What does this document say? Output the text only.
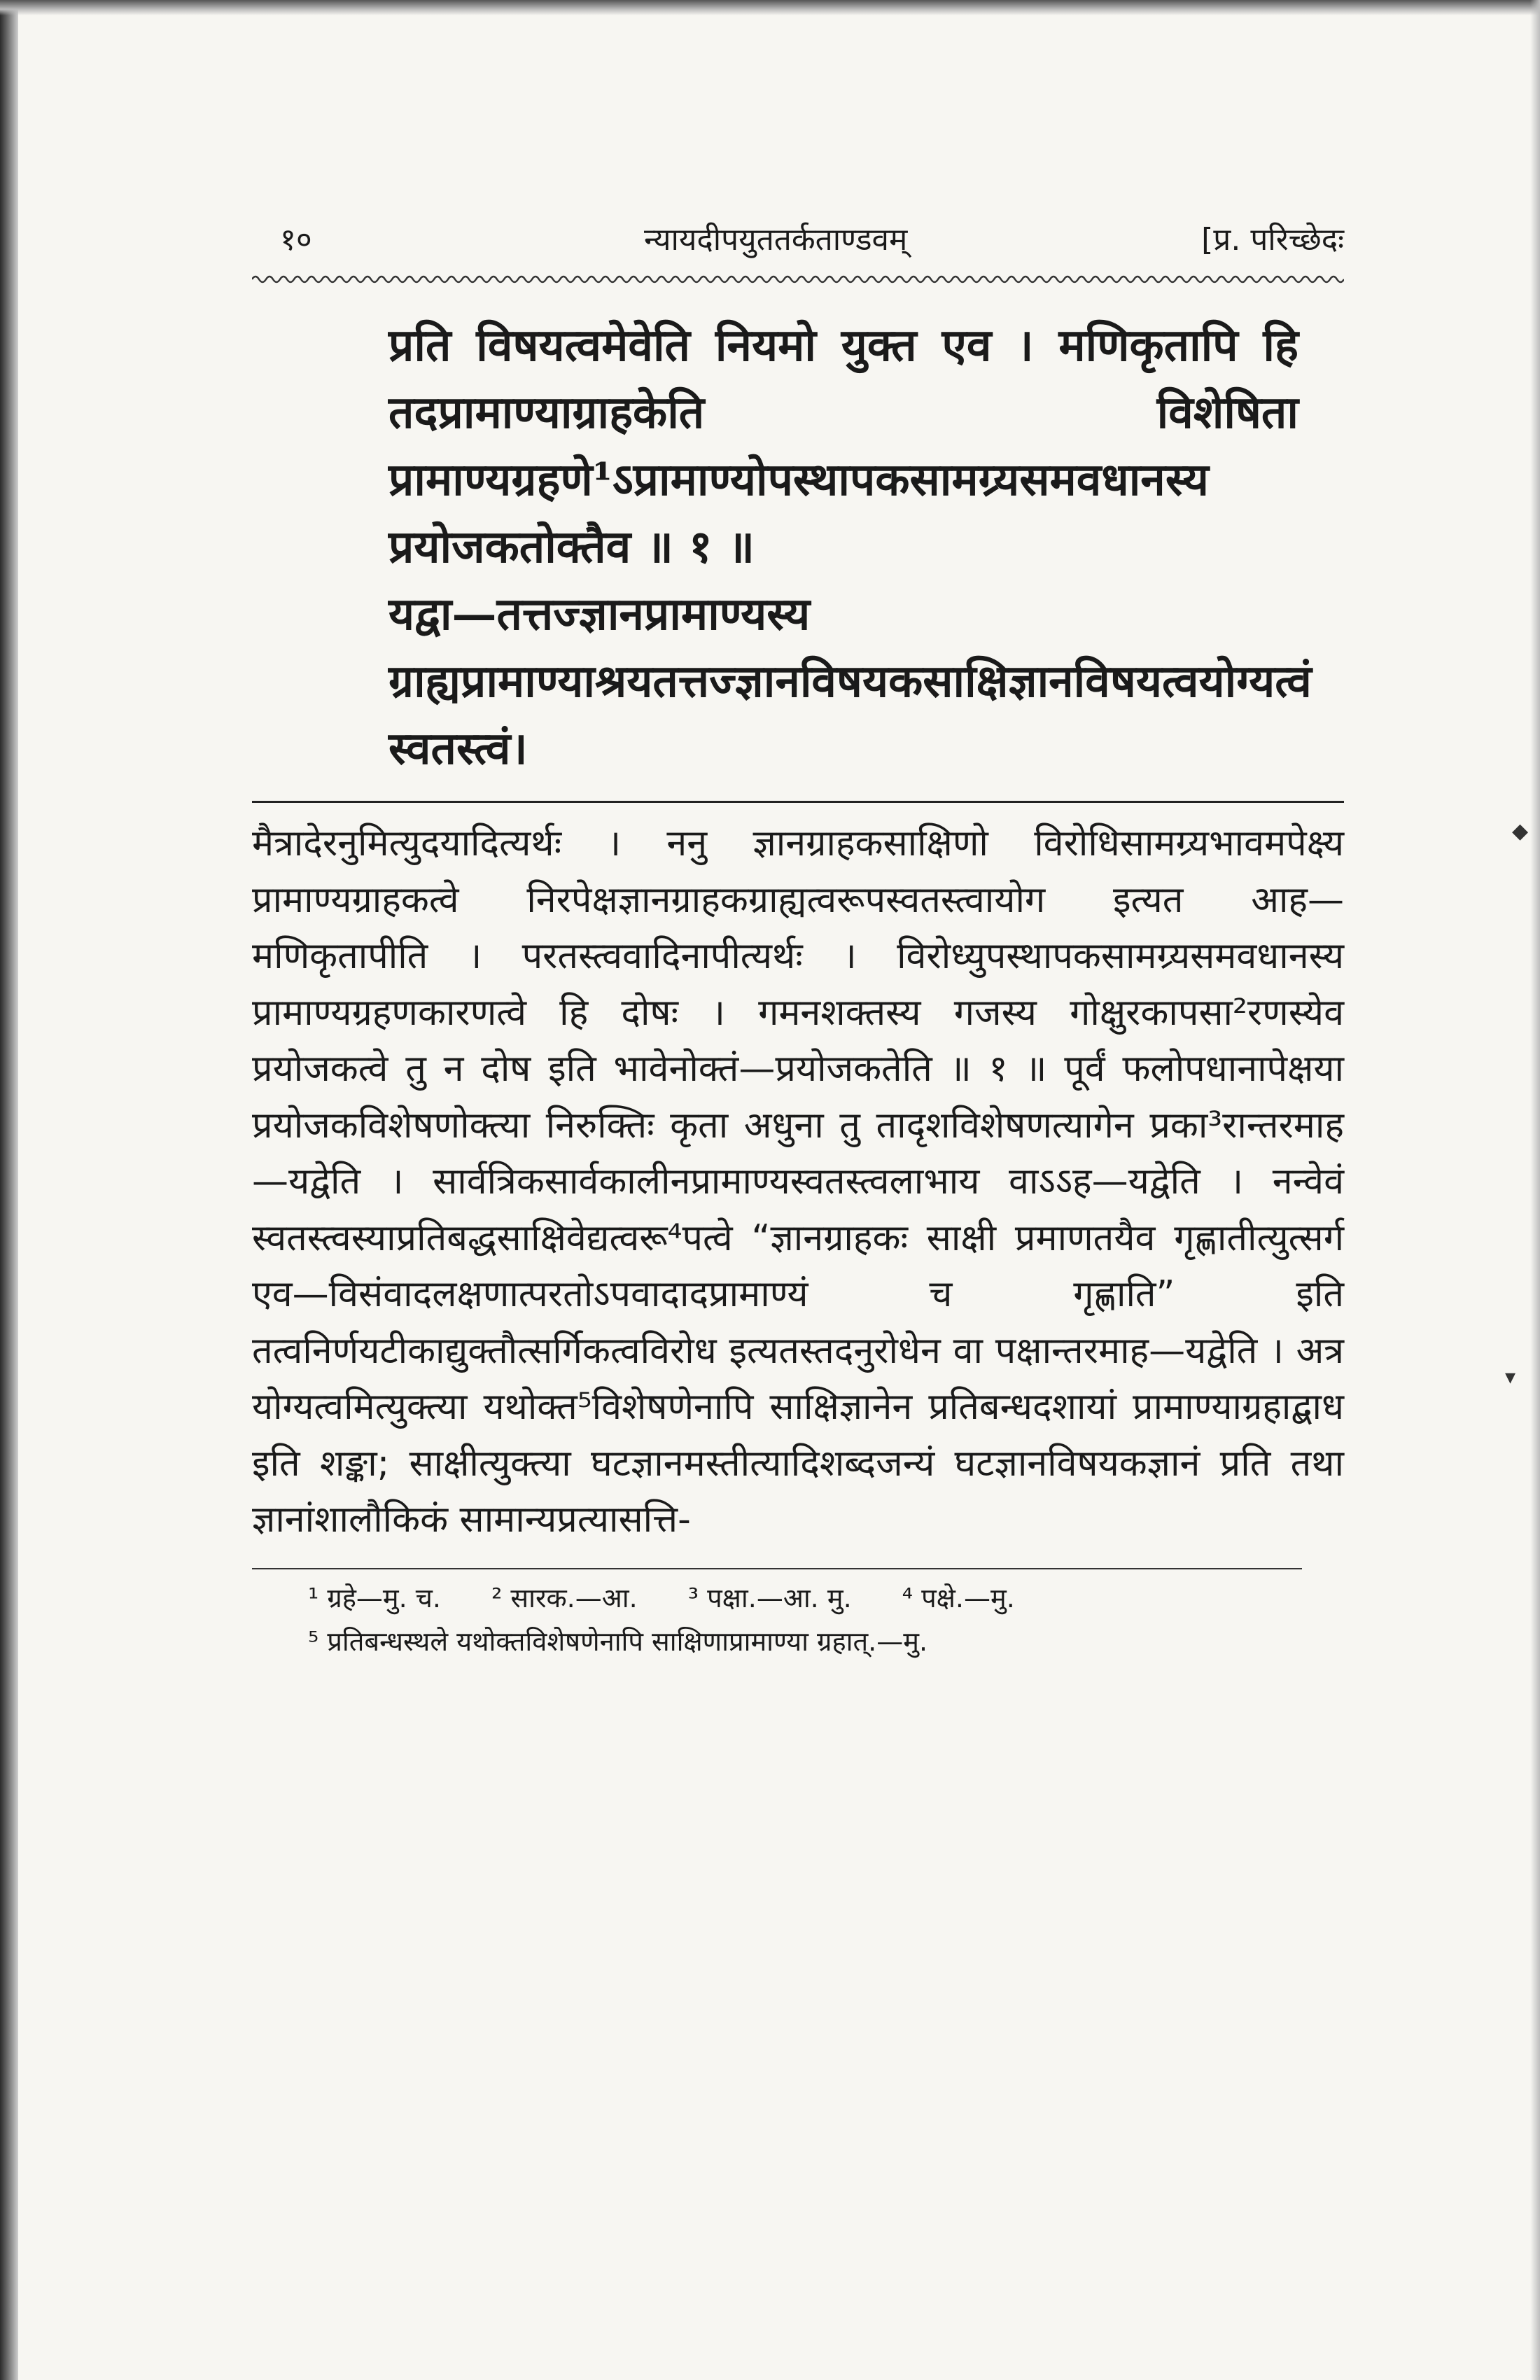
१०	न्यायदीपयुततर्कताण्डवम्	[प्र. परिच्छेदः

प्रति विषयत्वमेवेति नियमो युक्त एव । मणिकृतापि हि तदप्रामाण्याग्राहकेति विशेषिता प्रामाण्यग्रहणे¹ऽप्रामाण्योपस्थापकसामग्र्यसमवधानस्य प्रयोजकतोक्तैव ॥ १ ॥

यद्वा—तत्तज्ज्ञानप्रामाण्यस्य ग्राह्यप्रामाण्याश्रयतत्तज्ज्ञानविषयकसाक्षिज्ञानविषयत्वयोग्यत्वं स्वतस्त्वं।

मैत्रादेरनुमित्युदयादित्यर्थः । ननु ज्ञानग्राहकसाक्षिणो विरोधिसामग्र्यभावमपेक्ष्य प्रामाण्यग्राहकत्वे निरपेक्षज्ञानग्राहकग्राह्यत्वरूपस्वतस्त्वायोग इत्यत आह—मणिकृतापीति । परतस्त्ववादिनापीत्यर्थः । विरोध्युपस्थापकसामग्र्यसमवधानस्य प्रामाण्यग्रहणकारणत्वे हि दोषः । गमनशक्तस्य गजस्य गोक्षुरकापसा²रणस्येव प्रयोजकत्वे तु न दोष इति भावेनोक्तं—प्रयोजकतेति ॥ १ ॥ पूर्वं फलोपधानापेक्षया प्रयोजकविशेषणोक्त्या निरुक्तिः कृता अधुना तु तादृशविशेषणत्यागेन प्रका³रान्तरमाह—यद्वेति । सार्वत्रिकसार्वकालीनप्रामाण्यस्वतस्त्वलाभाय वाऽऽह—यद्वेति । नन्वेवं स्वतस्त्वस्याप्रतिबद्धसाक्षिवेद्यत्वरू⁴पत्वे “ज्ञानग्राहकः साक्षी प्रमाणतयैव गृह्णातीत्युत्सर्ग एव—विसंवादलक्षणात्परतोऽपवादादप्रामाण्यं च गृह्णाति” इति तत्वनिर्णयटीकाद्युक्तौत्सर्गिकत्वविरोध इत्यतस्तदनुरोधेन वा पक्षान्तरमाह—यद्वेति । अत्र योग्यत्वमित्युक्त्या यथोक्त⁵विशेषणेनापि साक्षिज्ञानेन प्रतिबन्धदशायां प्रामाण्याग्रहाद्बाध इति शङ्का; साक्षीत्युक्त्या घटज्ञानमस्तीत्यादिशब्दजन्यं घटज्ञानविषयकज्ञानं प्रति तथा ज्ञानांशालौकिकं सामान्यप्रत्यासत्ति-

¹ ग्रहे—मु. च. ² सारक.—आ. ³ पक्षा.—आ. मु. ⁴ पक्षे.—मु.

⁵ प्रतिबन्धस्थले यथोक्तविशेषणेनापि साक्षिणाप्रामाण्या ग्रहात्.—मु.

◆
▾
